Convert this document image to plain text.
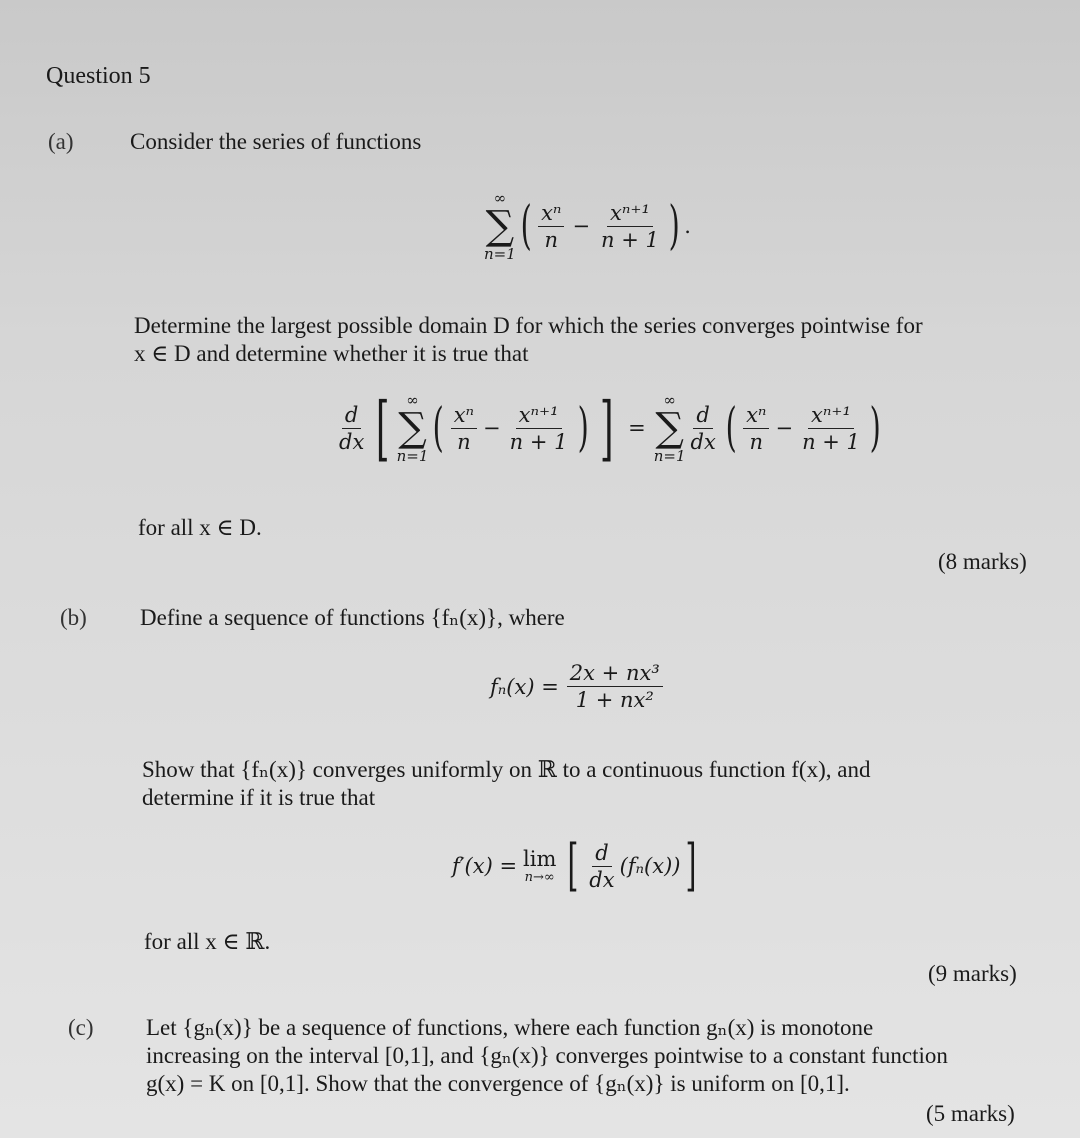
Question 5
(a) Consider the series of functions
∞
∑
n=1 ( $\frac{\text{xⁿ}}{n} - \frac{\text{xⁿ⁺¹}}{n + 1}$ ) .
Determine the largest possible domain D for which the series converges pointwise for
x ∈ D and determine whether it is true that
$\frac{d}{dx}$ [ ∞
∑
n=1 ( $\frac{\text{xⁿ}}{n} - \frac{\text{xⁿ⁺¹}}{n + 1}$ ) ] =
∞
∑
n=1
$\frac{d}{dx}$ ( $\frac{\text{xⁿ}}{n} - \frac{\text{xⁿ⁺¹}}{n + 1}$ )
for all x ∈ D.
(8 marks)
(b) Define a sequence of functions {fₙ(x)}, where
$f_n(x) = \frac{\text{2x + nx³}}{\text{1 + nx²}}$
Show that {fₙ(x)} converges uniformly on ℝ to a continuous function f(x), and
determine if it is true that
f′(x) = lim
n→∞ [ $\frac{d}{dx} (f_n(x))$ ]
for all x ∈ ℝ.
(9 marks)
(c) Let {gₙ(x)} be a sequence of functions, where each function gₙ(x) is monotone
increasing on the interval [0,1], and {gₙ(x)} converges pointwise to a constant function
g(x) = K on [0,1]. Show that the convergence of {gₙ(x)} is uniform on [0,1].
(5 marks)
